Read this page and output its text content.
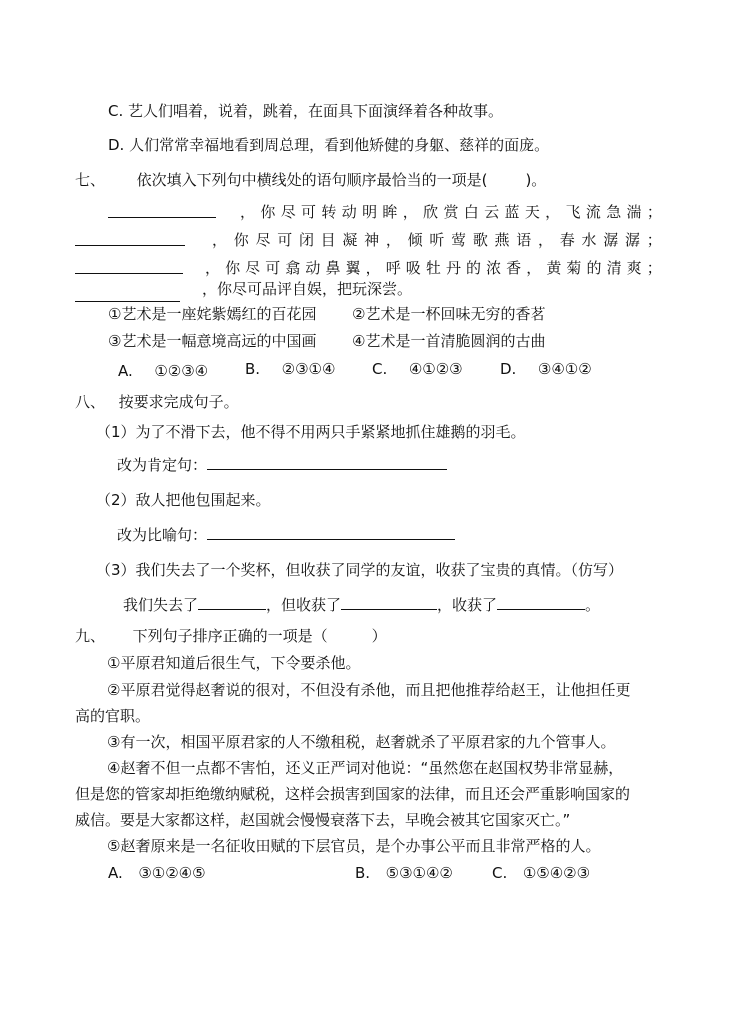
C. 艺人们唱着，说着，跳着，在面具下面演绎着各种故事。
D. 人们常常幸福地看到周总理，看到他矫健的身躯、慈祥的面庞。
七、 依次填入下列句中横线处的语句顺序最恰当的一项是(	)。
， 你 尽 可 转 动 明 眸 ， 欣 赏 白 云 蓝 天 ， 飞 流 急 湍 ；
， 你 尽 可 闭 目 凝 神 ， 倾 听 莺 歌 燕 语 ， 春 水 潺 潺 ；
， 你 尽 可 翕 动 鼻 翼 ， 呼 吸 牡 丹 的 浓 香 ， 黄 菊 的 清 爽 ；
，你尽可品评自娱，把玩深尝。
①艺术是一座姹紫嫣红的百花园 ②艺术是一杯回味无穷的香茗
③艺术是一幅意境高远的中国画 ④艺术是一首清脆圆润的古曲
A. ①②③④ B. ②③①④ C. ④①②③ D. ③④①②
八、 按要求完成句子。
（1）为了不滑下去，他不得不用两只手紧紧地抓住雄鹅的羽毛。
改为肯定句：
（2）敌人把他包围起来。
改为比喻句：
（3）我们失去了一个奖杯，但收获了同学的友谊，收获了宝贵的真情。（仿写）
我们失去了	，但收获了	，收获了	。
九、 下列句子排序正确的一项是（	）
①平原君知道后很生气，下令要杀他。
②平原君觉得赵奢说的很对，不但没有杀他，而且把他推荐给赵王，让他担任更
高的官职。
③有一次，相国平原君家的人不缴租税，赵奢就杀了平原君家的九个管事人。
④赵奢不但一点都不害怕，还义正严词对他说：“虽然您在赵国权势非常显赫，
但是您的管家却拒绝缴纳赋税，这样会损害到国家的法律，而且还会严重影响国家的
威信。要是大家都这样，赵国就会慢慢衰落下去，早晚会被其它国家灭亡。”
⑤赵奢原来是一名征收田赋的下层官员，是个办事公平而且非常严格的人。
A. ③①②④⑤	B. ⑤③①④②	C. ①⑤④②③
